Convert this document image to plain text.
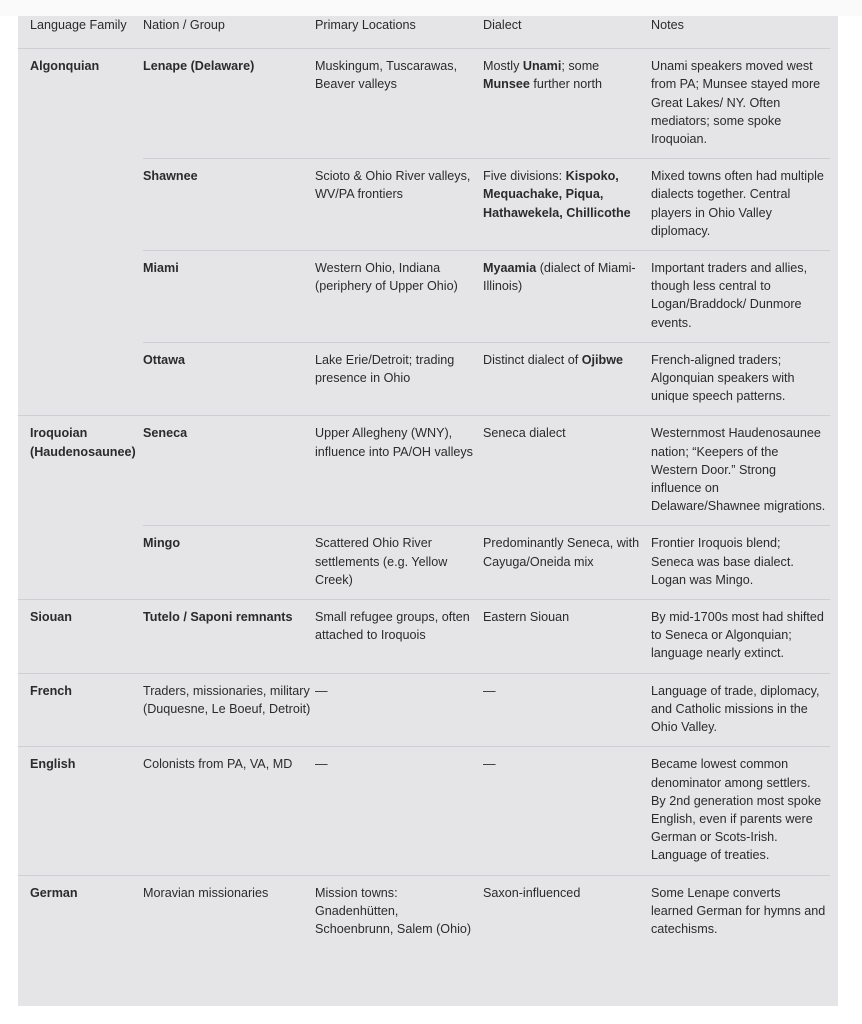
Language Family	Nation / Group	Primary Locations	Dialect	Notes
Algonquian	Lenape (Delaware)	Muskingum, Tuscarawas, Beaver valleys	Mostly Unami; some Munsee further north	Unami speakers moved west from PA; Munsee stayed more Great Lakes/ NY. Often mediators; some spoke Iroquoian.
	Shawnee	Scioto & Ohio River valleys, WV/PA frontiers	Five divisions: Kispoko, Mequachake, Piqua, Hathawekela, Chillicothe	Mixed towns often had multiple dialects together. Central players in Ohio Valley diplomacy.
	Miami	Western Ohio, Indiana (periphery of Upper Ohio)	Myaamia (dialect of Miami-Illinois)	Important traders and allies, though less central to Logan/Braddock/ Dunmore events.
	Ottawa	Lake Erie/Detroit; trading presence in Ohio	Distinct dialect of Ojibwe	French-aligned traders; Algonquian speakers with unique speech patterns.
Iroquoian (Haudenosaunee)	Seneca	Upper Allegheny (WNY), influence into PA/OH valleys	Seneca dialect	Westernmost Haudenosaunee nation; “Keepers of the Western Door.” Strong influence on Delaware/Shawnee migrations.
	Mingo	Scattered Ohio River settlements (e.g. Yellow Creek)	Predominantly Seneca, with Cayuga/Oneida mix	Frontier Iroquois blend; Seneca was base dialect. Logan was Mingo.
Siouan	Tutelo / Saponi remnants	Small refugee groups, often attached to Iroquois	Eastern Siouan	By mid-1700s most had shifted to Seneca or Algonquian; language nearly extinct.
French	Traders, missionaries, military (Duquesne, Le Boeuf, Detroit)	—	—	Language of trade, diplomacy, and Catholic missions in the Ohio Valley.
English	Colonists from PA, VA, MD	—	—	Became lowest common denominator among settlers. By 2nd generation most spoke English, even if parents were German or Scots-Irish. Language of treaties.
German	Moravian missionaries	Mission towns: Gnadenhütten, Schoenbrunn, Salem (Ohio)	Saxon-influenced	Some Lenape converts learned German for hymns and catechisms.
